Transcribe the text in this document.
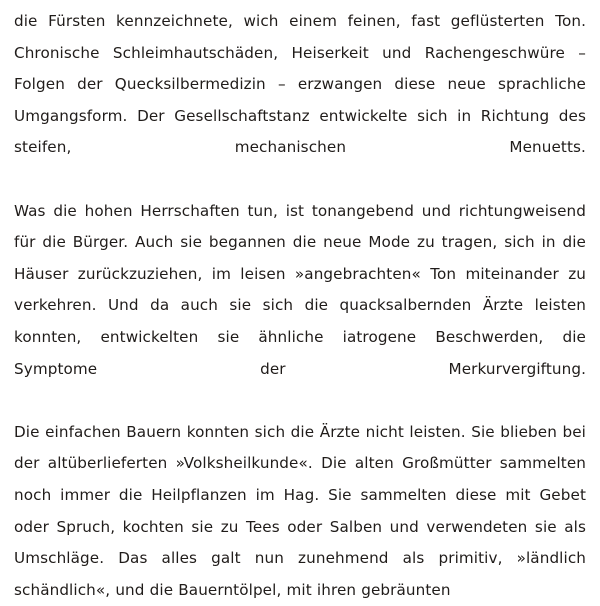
die Fürsten kennzeichnete, wich einem feinen, fast geflüsterten Ton. Chronische Schleimhautschäden, Heiserkeit und Rachengeschwüre – Folgen der Quecksilbermedizin – erzwangen diese neue sprachliche Umgangsform. Der Gesellschaftstanz entwickelte sich in Richtung des steifen, mechanischen Menuetts.

Was die hohen Herrschaften tun, ist tonangebend und richtungweisend für die Bürger. Auch sie begannen die neue Mode zu tragen, sich in die Häuser zurückzuziehen, im leisen »angebrachten« Ton miteinander zu verkehren. Und da auch sie sich die quacksalbernden Ärzte leisten konnten, entwickelten sie ähnliche iatrogene Beschwerden, die Symptome der Merkurvergiftung.

Die einfachen Bauern konnten sich die Ärzte nicht leisten. Sie blieben bei der altüberlieferten »Volksheilkunde«. Die alten Großmütter sammelten noch immer die Heilpflanzen im Hag. Sie sammelten diese mit Gebet oder Spruch, kochten sie zu Tees oder Salben und verwendeten sie als Umschläge. Das alles galt nun zunehmend als primitiv, »ländlich schändlich«, und die Bauerntölpel, mit ihren gebräunten
